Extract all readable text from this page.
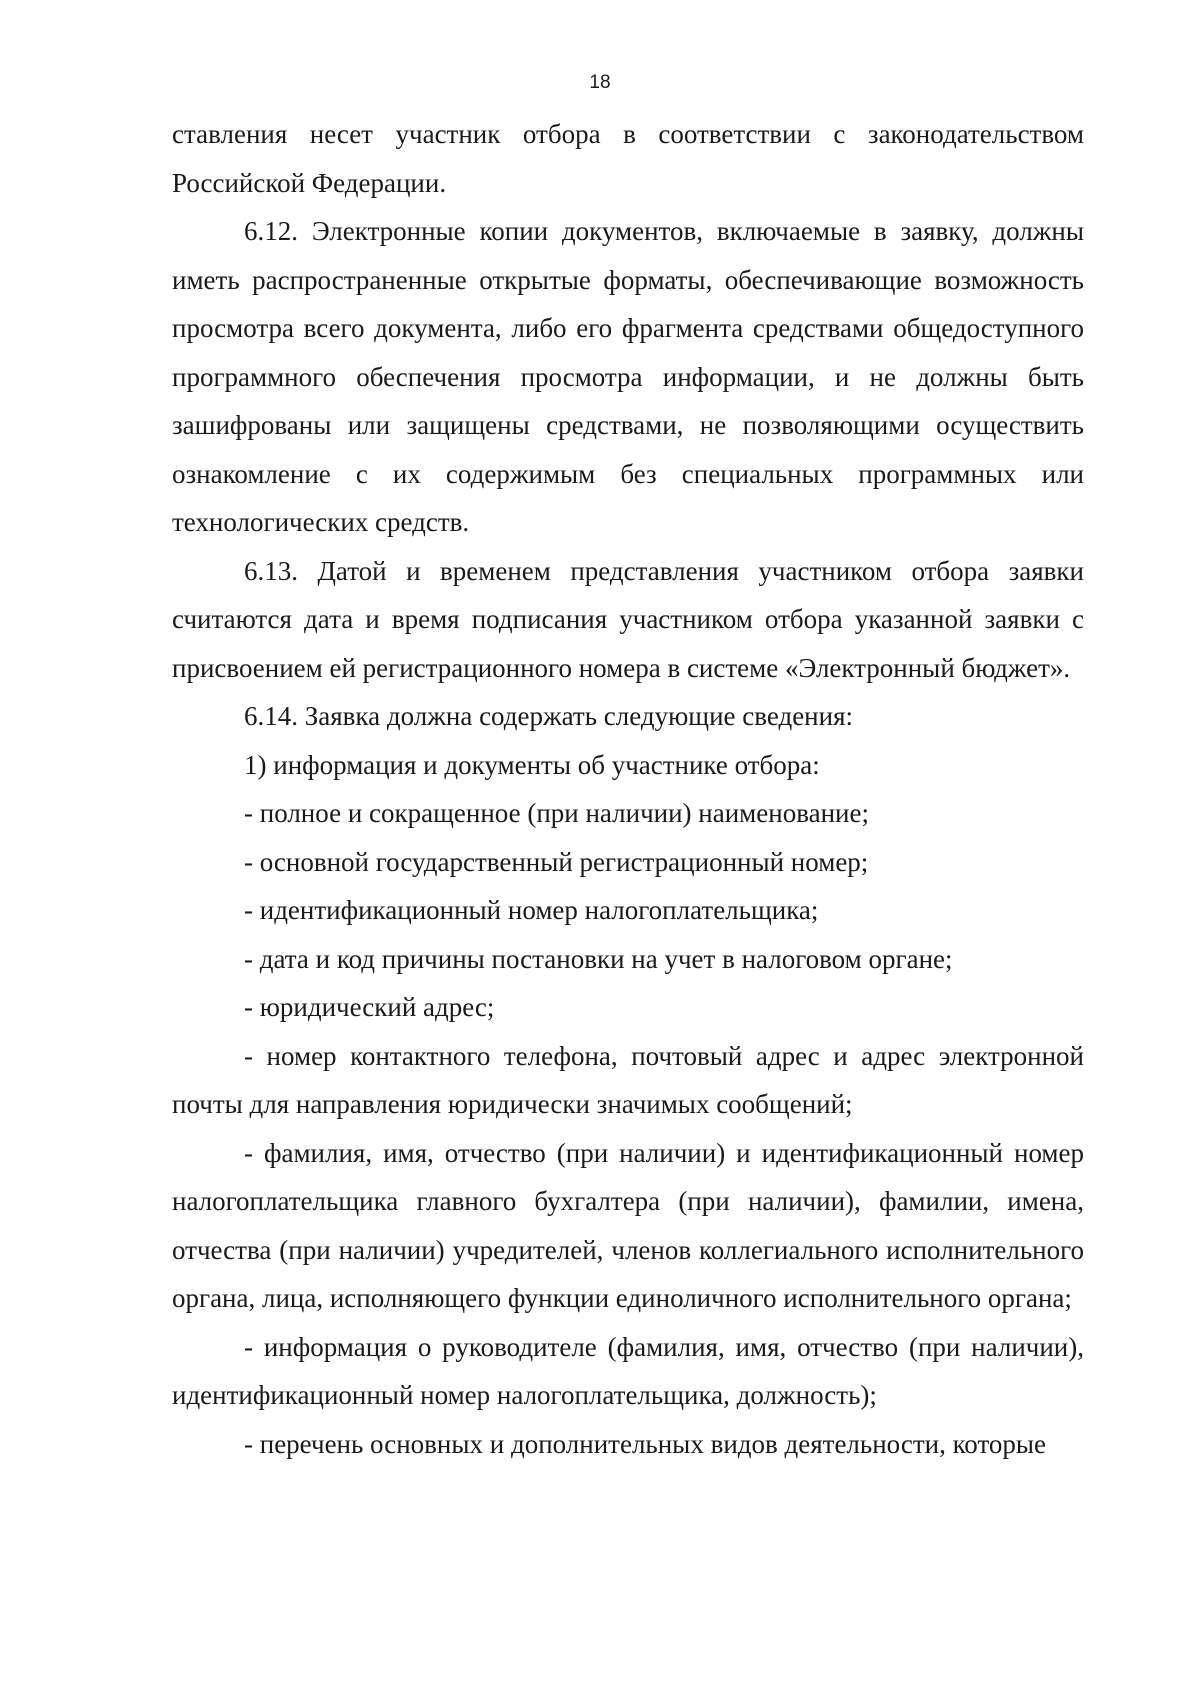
18

ставления несет участник отбора в соответствии с законодательством Российской Федерации.

6.12. Электронные копии документов, включаемые в заявку, должны иметь распространенные открытые форматы, обеспечивающие возможность просмотра всего документа, либо его фрагмента средствами общедоступного программного обеспечения просмотра информации, и не должны быть зашифрованы или защищены средствами, не позволяющими осуществить ознакомление с их содержимым без специальных программных или технологических средств.

6.13. Датой и временем представления участником отбора заявки считаются дата и время подписания участником отбора указанной заявки с присвоением ей регистрационного номера в системе «Электронный бюджет».

6.14. Заявка должна содержать следующие сведения:

1) информация и документы об участнике отбора:

- полное и сокращенное (при наличии) наименование;

- основной государственный регистрационный номер;

- идентификационный номер налогоплательщика;

- дата и код причины постановки на учет в налоговом органе;

- юридический адрес;

- номер контактного телефона, почтовый адрес и адрес электронной почты для направления юридически значимых сообщений;

- фамилия, имя, отчество (при наличии) и идентификационный номер налогоплательщика главного бухгалтера (при наличии), фамилии, имена, отчества (при наличии) учредителей, членов коллегиального исполнительного органа, лица, исполняющего функции единоличного исполнительного органа;

- информация о руководителе (фамилия, имя, отчество (при наличии), идентификационный номер налогоплательщика, должность);

- перечень основных и дополнительных видов деятельности, которые
